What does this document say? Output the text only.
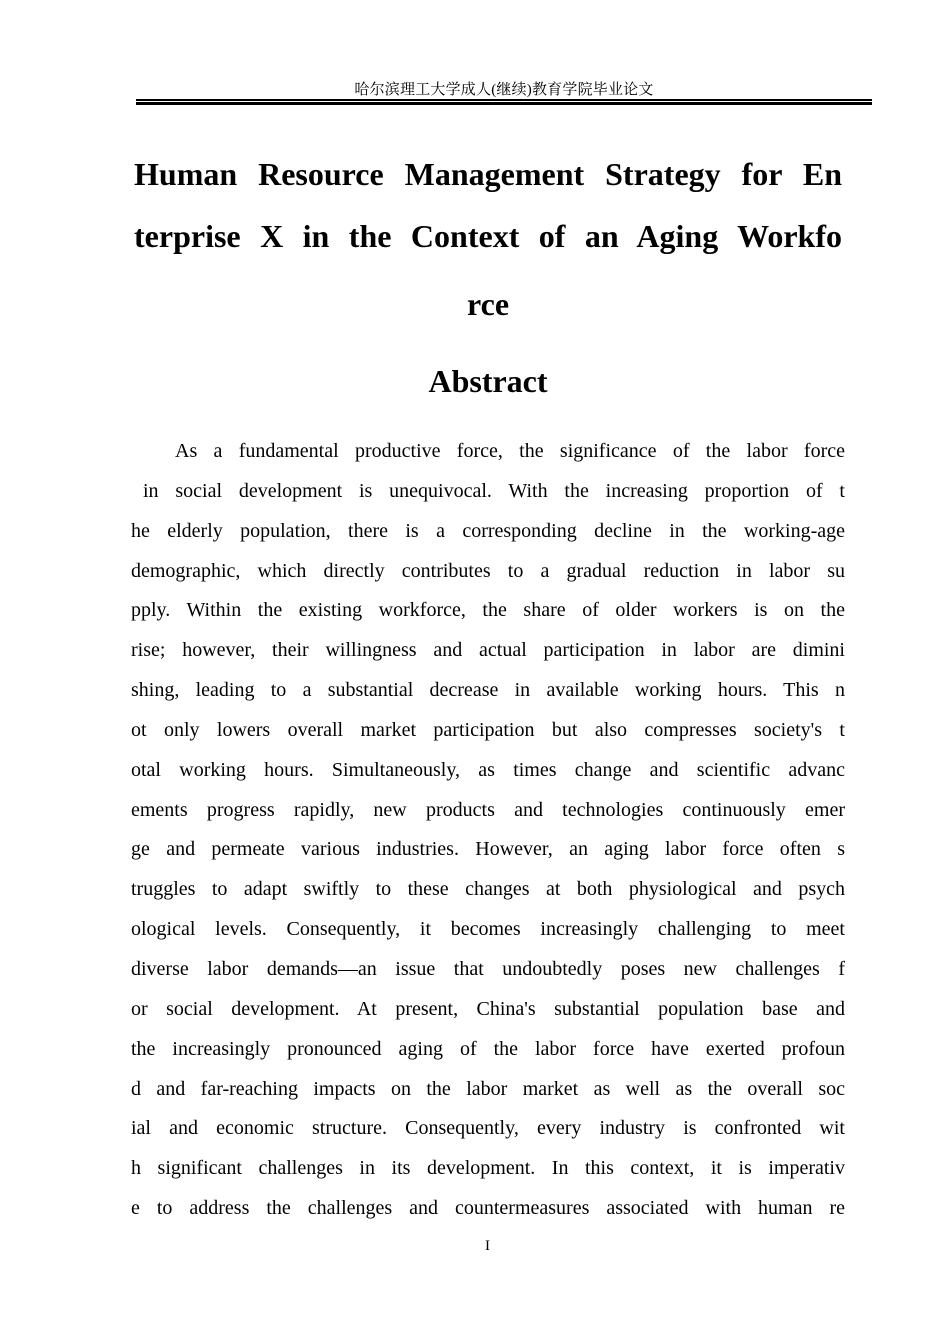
哈尔滨理工大学成人(继续)教育学院毕业论文
Human Resource Management Strategy for En
terprise X in the Context of an Aging Workfo
rce
Abstract
As a fundamental productive force, the significance of the labor force
in social development is unequivocal. With the increasing proportion of t
he elderly population, there is a corresponding decline in the working-age
demographic, which directly contributes to a gradual reduction in labor su
pply. Within the existing workforce, the share of older workers is on the
rise; however, their willingness and actual participation in labor are dimini
shing, leading to a substantial decrease in available working hours. This n
ot only lowers overall market participation but also compresses society's t
otal working hours. Simultaneously, as times change and scientific advanc
ements progress rapidly, new products and technologies continuously emer
ge and permeate various industries. However, an aging labor force often s
truggles to adapt swiftly to these changes at both physiological and psych
ological levels. Consequently, it becomes increasingly challenging to meet
diverse labor demands—an issue that undoubtedly poses new challenges f
or social development. At present, China's substantial population base and
the increasingly pronounced aging of the labor force have exerted profoun
d and far-reaching impacts on the labor market as well as the overall soc
ial and economic structure. Consequently, every industry is confronted wit
h significant challenges in its development. In this context, it is imperativ
e to address the challenges and countermeasures associated with human re
I
